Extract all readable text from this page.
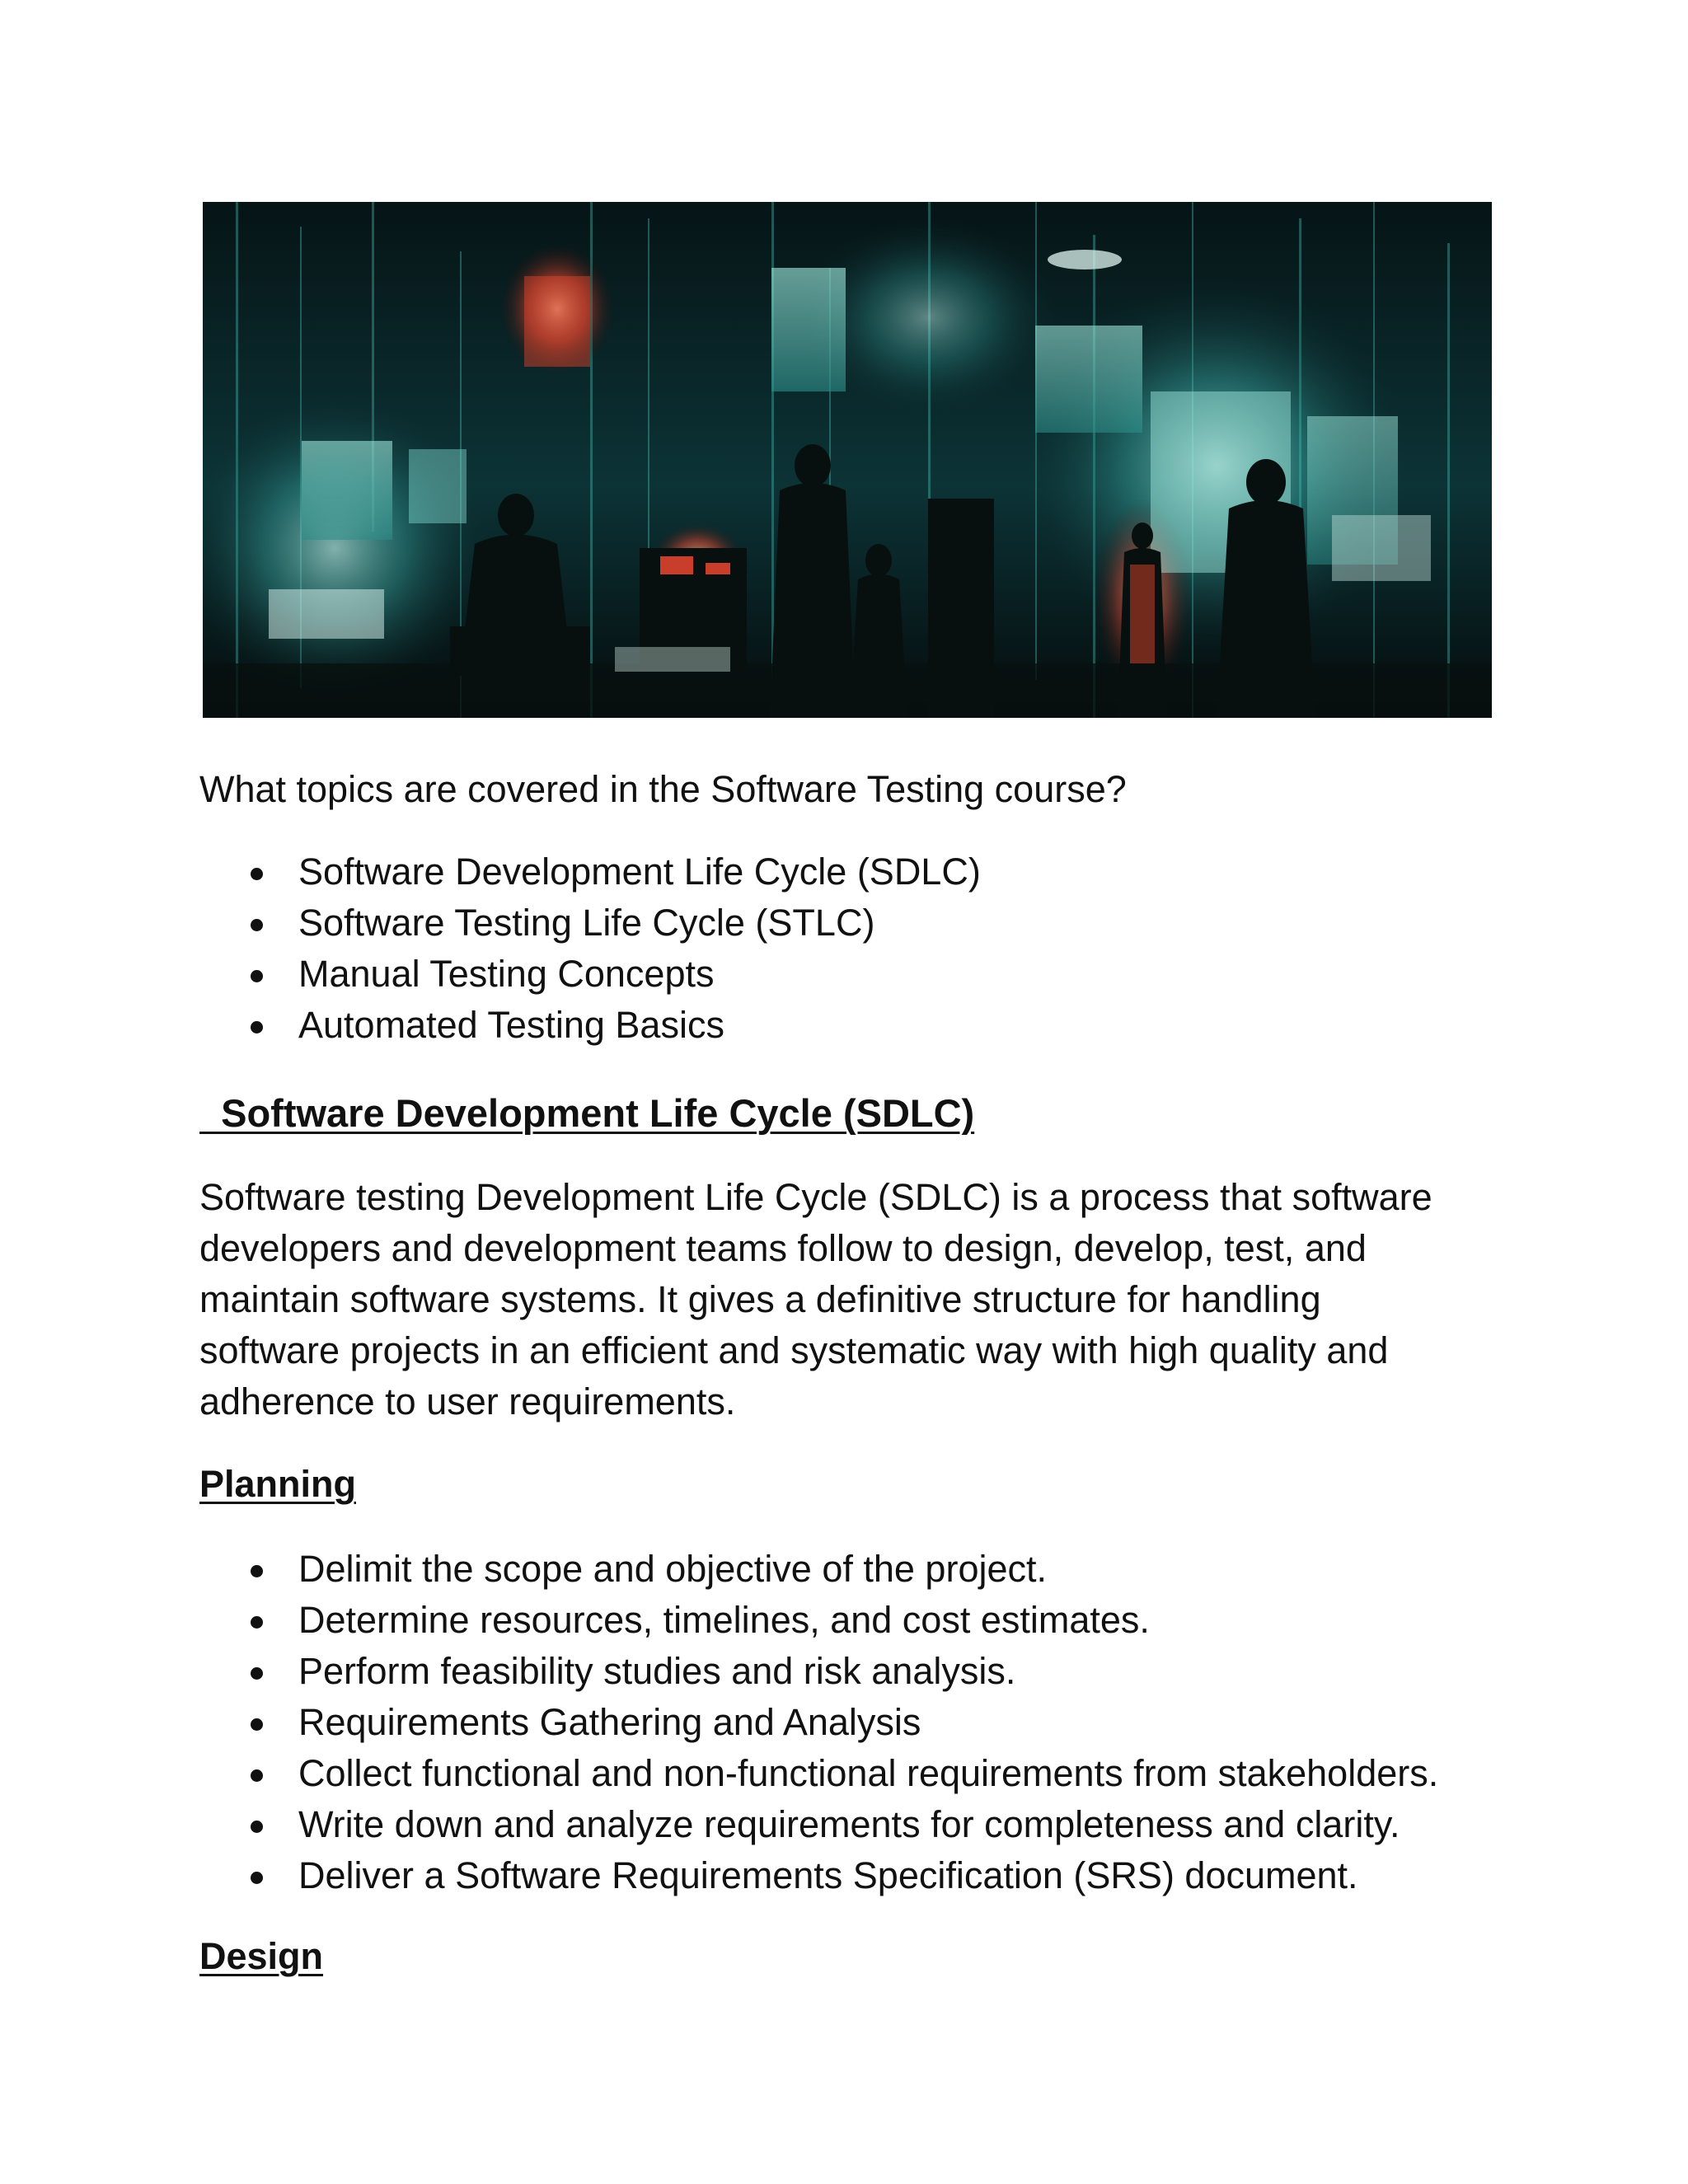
What topics are covered in the Software Testing course?
Software Development Life Cycle (SDLC)
Software Testing Life Cycle (STLC)
Manual Testing Concepts
Automated Testing Basics
Software Development Life Cycle (SDLC)
Software testing Development Life Cycle (SDLC) is a process that software
developers and development teams follow to design, develop, test, and
maintain software systems. It gives a definitive structure for handling
software projects in an efficient and systematic way with high quality and
adherence to user requirements.
Planning
Delimit the scope and objective of the project.
Determine resources, timelines, and cost estimates.
Perform feasibility studies and risk analysis.
Requirements Gathering and Analysis
Collect functional and non-functional requirements from stakeholders.
Write down and analyze requirements for completeness and clarity.
Deliver a Software Requirements Specification (SRS) document.
Design
